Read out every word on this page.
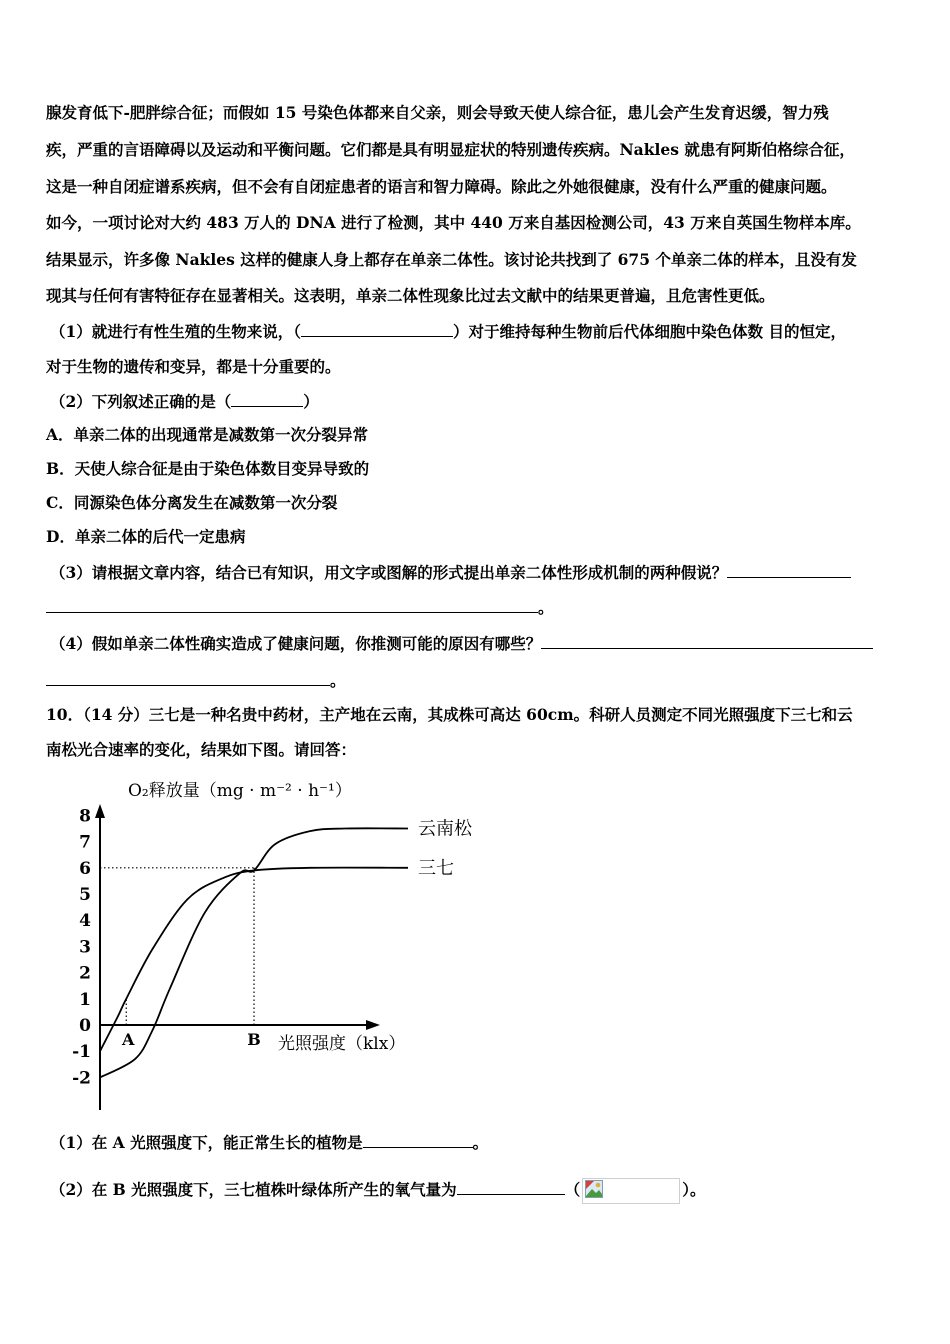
腺发育低下-肥胖综合征；而假如 15 号染色体都来自父亲，则会导致天使人综合征，患儿会产生发育迟缓，智力残
疾，严重的言语障碍以及运动和平衡问题。它们都是具有明显症状的特别遗传疾病。Nakles 就患有阿斯伯格综合征，
这是一种自闭症谱系疾病，但不会有自闭症患者的语言和智力障碍。除此之外她很健康，没有什么严重的健康问题。
如今，一项讨论对大约 483 万人的 DNA 进行了检测，其中 440 万来自基因检测公司，43 万来自英国生物样本库。
结果显示，许多像 Nakles 这样的健康人身上都存在单亲二体性。该讨论共找到了 675 个单亲二体的样本，且没有发
现其与任何有害特征存在显著相关。这表明，单亲二体性现象比过去文献中的结果更普遍，且危害性更低。
（1）就进行有性生殖的生物来说，（	）对于维持每种生物前后代体细胞中染色体数 目的恒定，
对于生物的遗传和变异，都是十分重要的。
（2）下列叙述正确的是（	）
A．单亲二体的出现通常是减数第一次分裂异常
B．天使人综合征是由于染色体数目变异导致的
C．同源染色体分离发生在减数第一次分裂
D．单亲二体的后代一定患病
（3）请根据文章内容，结合已有知识，用文字或图解的形式提出单亲二体性形成机制的两种假说？
。
（4）假如单亲二体性确实造成了健康问题，你推测可能的原因有哪些？
。
10．（14 分）三七是一种名贵中药材，主产地在云南，其成株可高达 60cm。科研人员测定不同光照强度下三七和云
南松光合速率的变化，结果如下图。请回答：
8
7
6
5
4
3
2
1
0
-1
-2
A	B
云南松
三七
O₂释放量（mg · m⁻² · h⁻¹）
光照强度（klx）
（1）在 A 光照强度下，能正常生长的植物是	。
（2）在 B 光照强度下，三七植株叶绿体所产生的氧气量为	（	）。
